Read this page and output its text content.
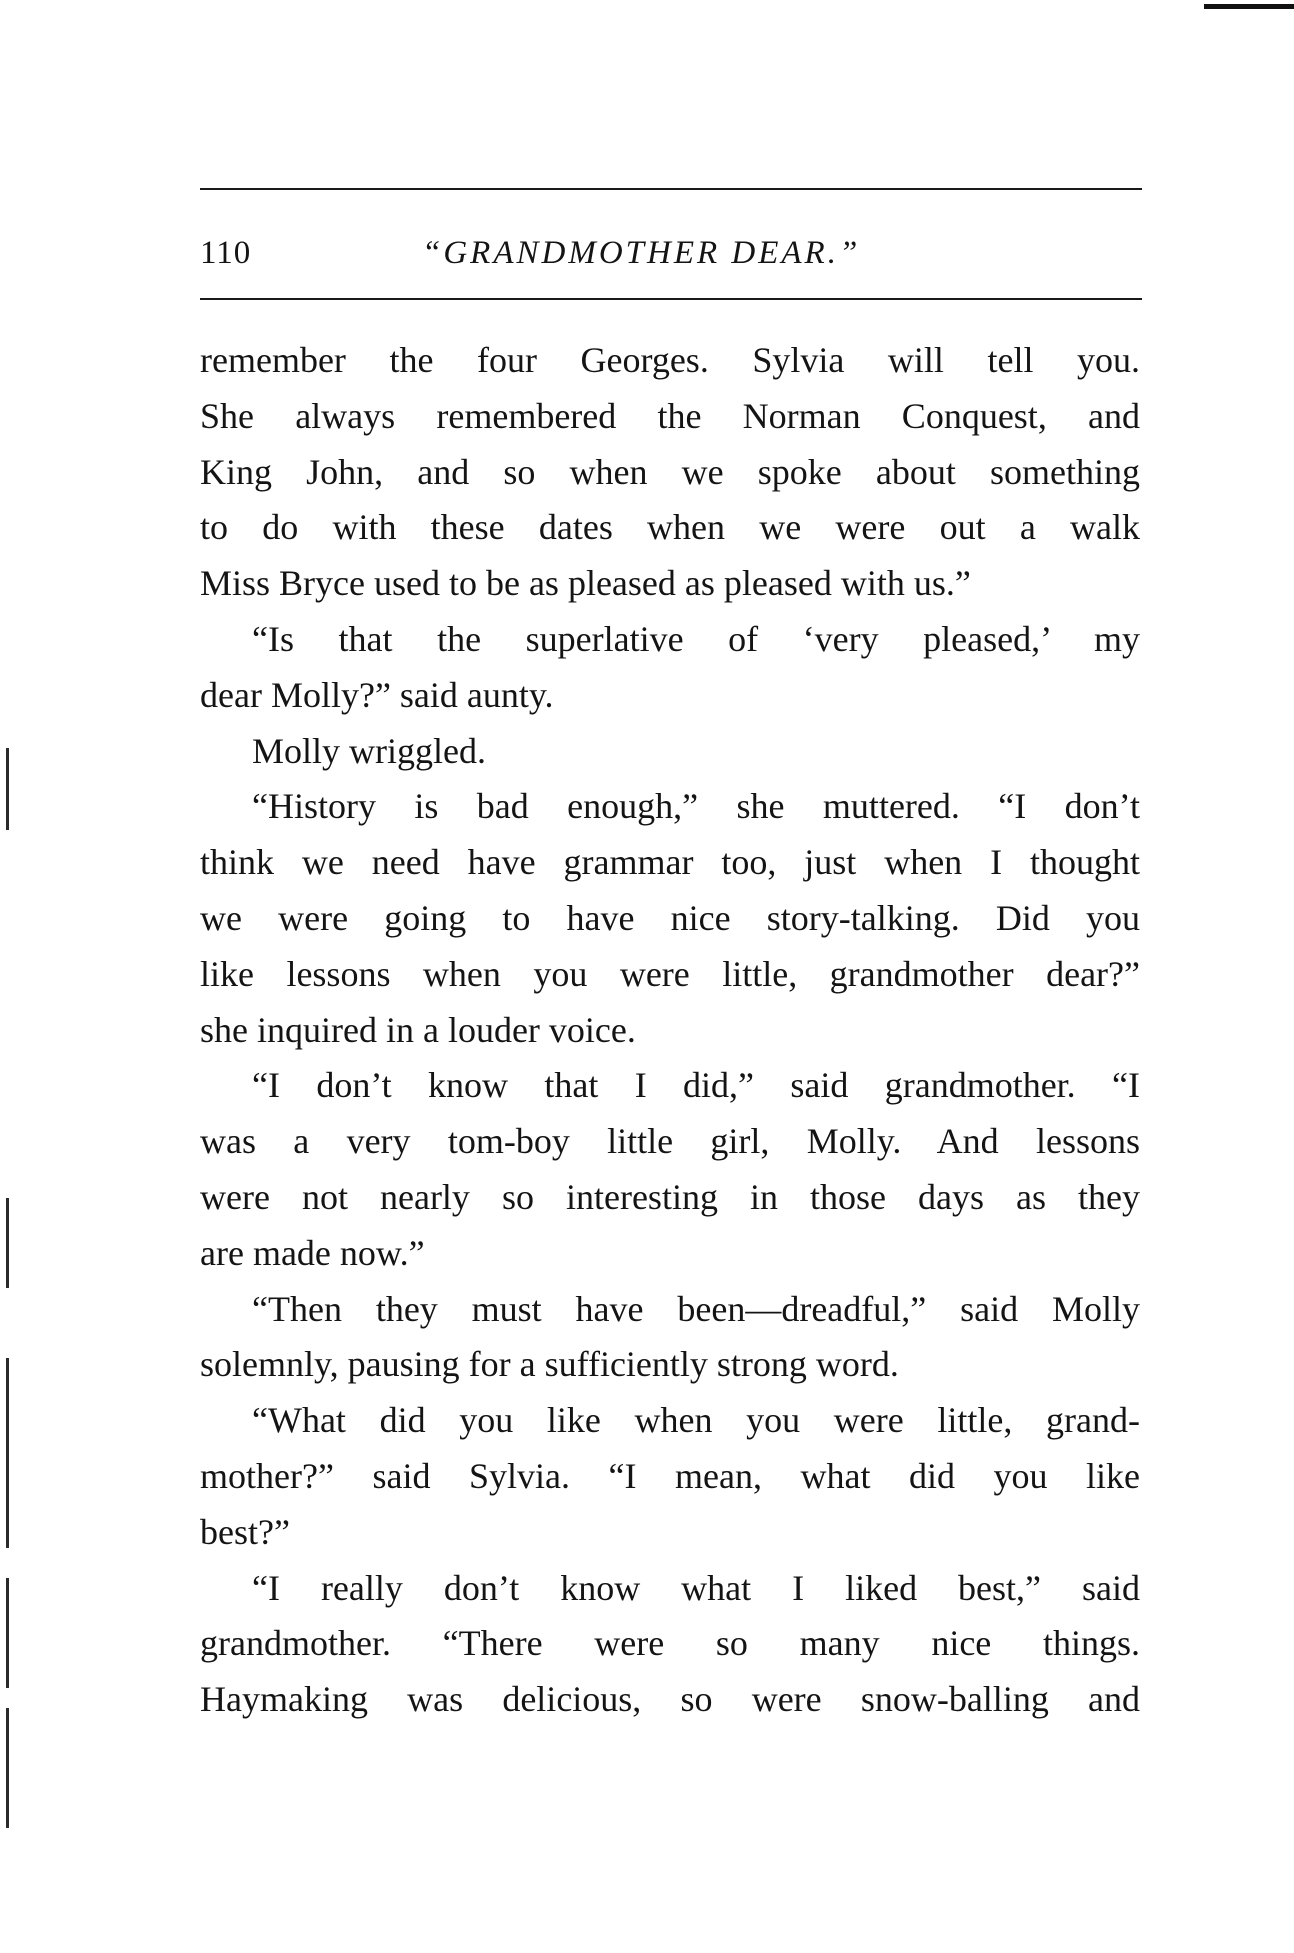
110	“GRANDMOTHER DEAR.”
remember the four Georges. Sylvia will tell you.
She always remembered the Norman Conquest, and
King John, and so when we spoke about something
to do with these dates when we were out a walk
Miss Bryce used to be as pleased as pleased with us.”
“Is that the superlative of ‘very pleased,’ my
dear Molly?” said aunty.
Molly wriggled.
“History is bad enough,” she muttered. “I don’t
think we need have grammar too, just when I thought
we were going to have nice story-talking. Did you
like lessons when you were little, grandmother dear?”
she inquired in a louder voice.
“I don’t know that I did,” said grandmother. “I
was a very tom-boy little girl, Molly. And lessons
were not nearly so interesting in those days as they
are made now.”
“Then they must have been—dreadful,” said Molly
solemnly, pausing for a sufficiently strong word.
“What did you like when you were little, grand-
mother?” said Sylvia. “I mean, what did you like
best?”
“I really don’t know what I liked best,” said
grandmother. “There were so many nice things.
Haymaking was delicious, so were snow-balling and
